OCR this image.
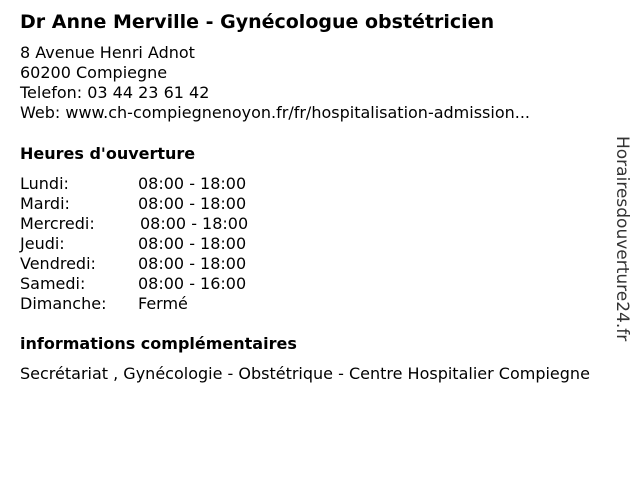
Dr Anne Merville - Gynécologue obstétricien
8 Avenue Henri Adnot
60200 Compiegne
Telefon: 03 44 23 61 42
Web: www.ch-compiegnenoyon.fr/fr/hospitalisation-admission...
Heures d'ouverture
Lundi:	08:00 - 18:00
Mardi:	08:00 - 18:00
Mercredi:	08:00 - 18:00
Jeudi:	08:00 - 18:00
Vendredi:	08:00 - 18:00
Samedi:	08:00 - 16:00
Dimanche: Fermé
informations complémentaires
Secrétariat , Gynécologie - Obstétrique - Centre Hospitalier Compiegne
Horairesdouverture24.fr
